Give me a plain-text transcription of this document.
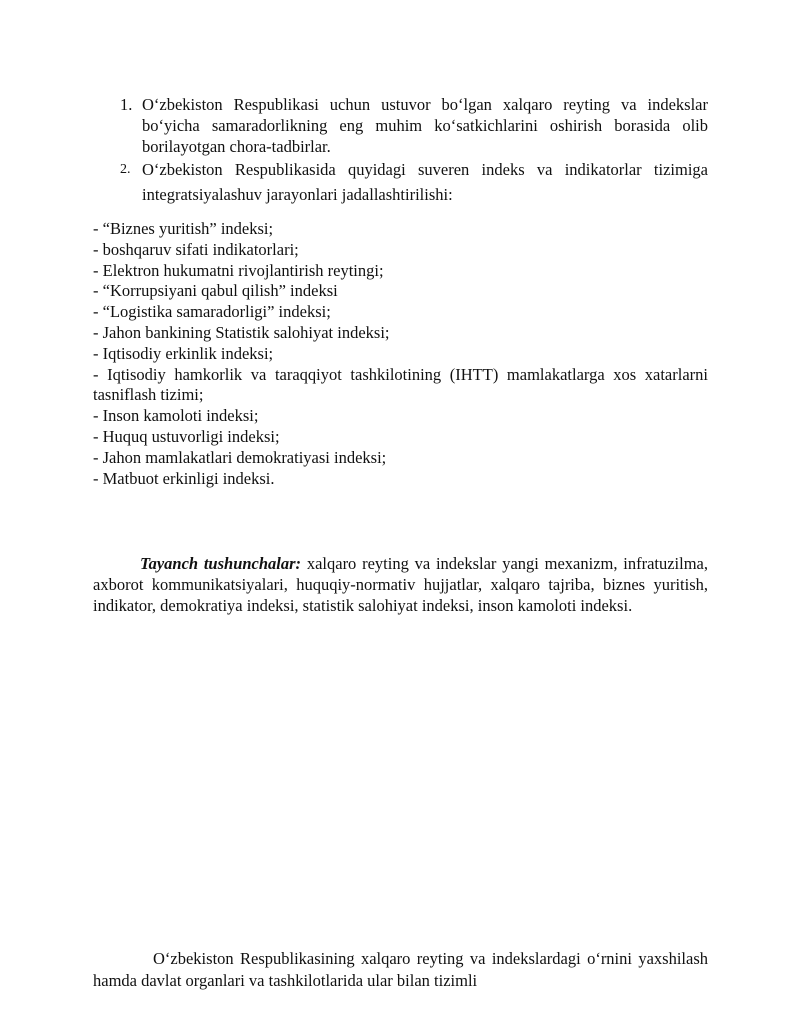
1. O‘zbekiston Respublikasi uchun ustuvor bo‘lgan xalqaro reyting va indekslar bo‘yicha samaradorlikning eng muhim ko‘satkichlarini oshirish borasida olib borilayotgan chora-tadbirlar.
2. O‘zbekiston Respublikasida quyidagi suveren indeks va indikatorlar tizimiga integratsiyalashuv jarayonlari jadallashtirilishi:
- “Biznes yuritish” indeksi;
- boshqaruv sifati indikatorlari;
- Elektron hukumatni rivojlantirish reytingi;
- “Korrupsiyani qabul qilish” indeksi
- “Logistika samaradorligi” indeksi;
- Jahon bankining Statistik salohiyat indeksi;
- Iqtisodiy erkinlik indeksi;
- Iqtisodiy hamkorlik va taraqqiyot tashkilotining (IHTT) mamlakatlarga xos xatarlarni tasniflash tizimi;
- Inson kamoloti indeksi;
- Huquq ustuvorligi indeksi;
- Jahon mamlakatlari demokratiyasi indeksi;
- Matbuot erkinligi indeksi.

Tayanch tushunchalar: xalqaro reyting va indekslar yangi mexanizm, infratuzilma, axborot kommunikatsiyalari, huquqiy-normativ hujjatlar, xalqaro tajriba, biznes yuritish, indikator, demokratiya indeksi, statistik salohiyat indeksi, inson kamoloti indeksi.

O‘zbekiston Respublikasining xalqaro reyting va indekslardagi o‘rnini yaxshilash hamda davlat organlari va tashkilotlarida ular bilan tizimli
